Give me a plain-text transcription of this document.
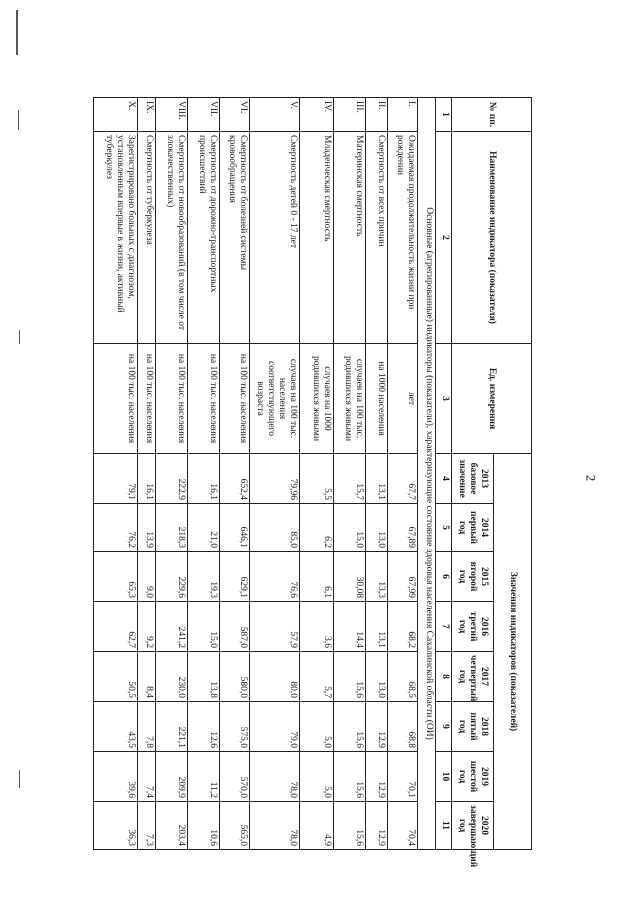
2
№ пп.	Наименование индикатора (показателя)	Ед. измерения	Значения индикаторов (показателей)							
			2013 базовое значение	2014 первый год	2015 второй год	2016 третий год	2017 четвертый год	2018 пятый год	2019 шестой год	2020 завершающий год
1	2	3	4	5	6	7	8	9	10	11
Основные (агрегированные) индикаторы (показатели), характеризующие состояние здоровья населения Сахалинской области (ОИ)										
I.	Ожидаемая продолжительность жизни при рождении	лет	67,7	67,89	67,99	68,2	68,5	68,8	70,1	70,4
II.	Смертность от всех причин	на 1000 населения	13,1	13,0	13,3	13,1	13,0	12,9	12,9	12,9
III.	Материнская смертность	случаев на 100 тыс. родившихся живыми	15,7	15,0	30,08	14,4	15,6	15,6	15,6	15,6
IV.	Младенческая смертность	случаев на 1000 родившихся живыми	5,5	6,2	6,1	3,6	5,7	5,0	5,0	4,9
V.	Смертность детей 0 - 17 лет	случаев на 100 тыс. населения соответствующего возраста	79,96	85,0	76,6	57,9	80,0	79,0	78,0	78,0
VI.	Смертность от болезней системы кровообращения	на 100 тыс. населения	652,4	646,1	629,1	587,0	580,0	575,0	570,0	565,0
VII.	Смертность от дорожно-транспортных происшествий	на 100 тыс. населения	16,1	21,0	19,3	15,0	13,8	12,6	11,2	10,6
VIII.	Смертность от новообразований (в том числе от злокачественных)	на 100 тыс. населения	222,9	218,3	229,6	241,2	230,0	221,1	209,9	203,4
IX.	Смертность от туберкулеза	на 100 тыс. населения	16,1	13,9	9,0	9,2	8,4	7,8	7,4	7,3
X.	Зарегистрировано больных с диагнозом, установленным впервые в жизни, активный туберкулез	на 100 тыс. населения	79,1	76,2	65,3	62,7	50,5	43,5	39,6	36,3
